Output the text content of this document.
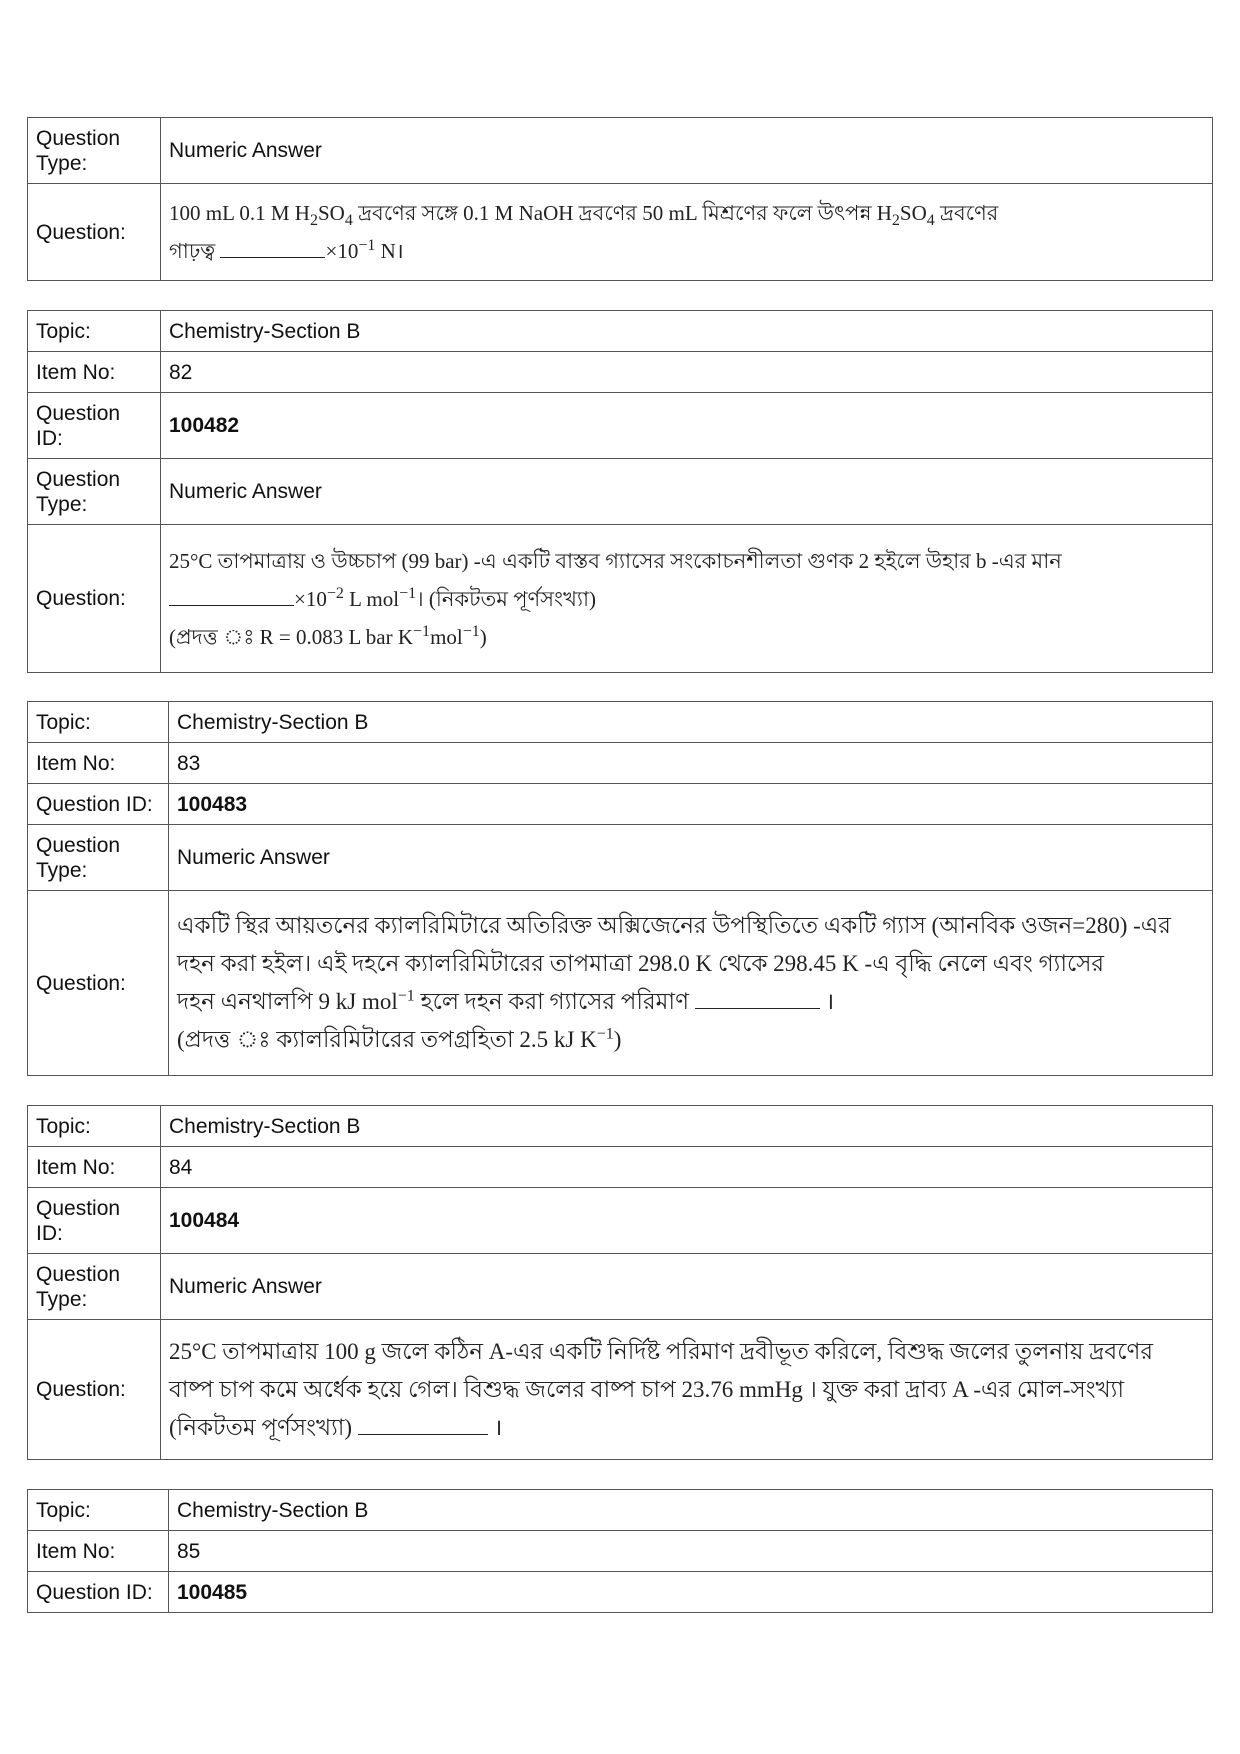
Question Type:	Numeric Answer
Question:	100 mL 0.1 M $H_2SO_4$ দ্রবণের সঙ্গে 0.1 M NaOH দ্রবণের 50 mL মিশ্রণের ফলে উৎপন্ন $H_2SO_4$ দ্রবণের

গাঢ়ত্ব $\times 10^{-1}$ N।

Topic:	Chemistry-Section B
Item No:	82
Question ID:	100482
Question Type:	Numeric Answer
Question:	25°C তাপমাত্রায় ও উচ্চচাপ (99 bar) -এ একটি বাস্তব গ্যাসের সংকোচনশীলতা গুণক 2 হইলে উহার b -এর মান

$\times 10^{-2}$ L mol$^{-1}$। (নিকটতম পূর্ণসংখ্যা)

(প্রদত্ত ঃ R = 0.083 L bar $K^{-1}mol^{-1}$)

Topic:	Chemistry-Section B
Item No:	83
Question ID:	100483
Question Type:	Numeric Answer
Question:	একটি স্থির আয়তনের ক্যালরিমিটারে অতিরিক্ত অক্সিজেনের উপস্থিতিতে একটি গ্যাস (আনবিক ওজন=280) -এর

দহন করা হইল। এই দহনে ক্যালরিমিটারের তাপমাত্রা 298.0 K থেকে 298.45 K -এ বৃদ্ধি নেলে এবং গ্যাসের

দহন এনথালপি 9 kJ mol$^{-1}$ হলে দহন করা গ্যাসের পরিমাণ ।

(প্রদত্ত ঃ ক্যালরিমিটারের তপগ্রহিতা 2.5 kJ $K^{-1}$)

Topic:	Chemistry-Section B
Item No:	84
Question ID:	100484
Question Type:	Numeric Answer
Question:	25°C তাপমাত্রায় 100 g জলে কঠিন A-এর একটি নির্দিষ্ট পরিমাণ দ্রবীভূত করিলে, বিশুদ্ধ জলের তুলনায় দ্রবণের

বাষ্প চাপ কমে অর্ধেক হয়ে গেল। বিশুদ্ধ জলের বাষ্প চাপ 23.76 mmHg । যুক্ত করা দ্রাব্য A -এর মোল-সংখ্যা

(নিকটতম পূর্ণসংখ্যা) ।

Topic:	Chemistry-Section B
Item No:	85
Question ID:	100485
